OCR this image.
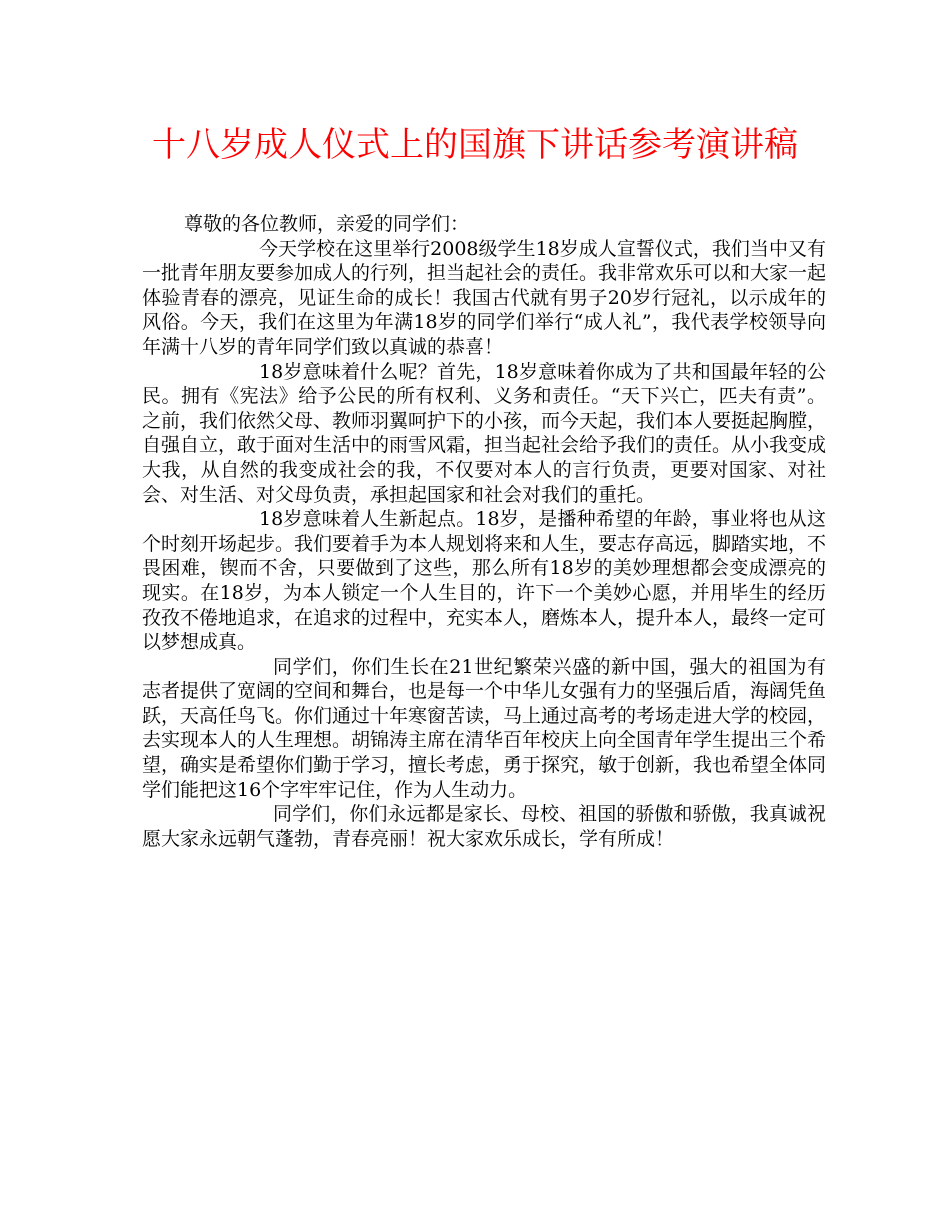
十八岁成人仪式上的国旗下讲话参考演讲稿

尊敬的各位教师，亲爱的同学们：

今天学校在这里举行2008级学生18岁成人宣誓仪式，我们当中又有一批青年朋友要参加成人的行列，担当起社会的责任。我非常欢乐可以和大家一起体验青春的漂亮，见证生命的成长！我国古代就有男子20岁行冠礼，以示成年的风俗。今天，我们在这里为年满18岁的同学们举行“成人礼”，我代表学校领导向年满十八岁的青年同学们致以真诚的恭喜！

18岁意味着什么呢？首先，18岁意味着你成为了共和国最年轻的公民。拥有《宪法》给予公民的所有权利、义务和责任。“天下兴亡，匹夫有责”。之前，我们依然父母、教师羽翼呵护下的小孩，而今天起，我们本人要挺起胸膛，自强自立，敢于面对生活中的雨雪风霜，担当起社会给予我们的责任。从小我变成大我，从自然的我变成社会的我，不仅要对本人的言行负责，更要对国家、对社会、对生活、对父母负责，承担起国家和社会对我们的重托。

18岁意味着人生新起点。18岁，是播种希望的年龄，事业将也从这个时刻开场起步。我们要着手为本人规划将来和人生，要志存高远，脚踏实地，不畏困难，锲而不舍，只要做到了这些，那么所有18岁的美妙理想都会变成漂亮的现实。在18岁，为本人锁定一个人生目的，许下一个美妙心愿，并用毕生的经历孜孜不倦地追求，在追求的过程中，充实本人，磨炼本人，提升本人，最终一定可以梦想成真。

同学们，你们生长在21世纪繁荣兴盛的新中国，强大的祖国为有志者提供了宽阔的空间和舞台，也是每一个中华儿女强有力的坚强后盾，海阔凭鱼跃，天高任鸟飞。你们通过十年寒窗苦读，马上通过高考的考场走进大学的校园，去实现本人的人生理想。胡锦涛主席在清华百年校庆上向全国青年学生提出三个希望，确实是希望你们勤于学习，擅长考虑，勇于探究，敏于创新，我也希望全体同学们能把这16个字牢牢记住，作为人生动力。

同学们，你们永远都是家长、母校、祖国的骄傲和骄傲，我真诚祝愿大家永远朝气蓬勃，青春亮丽！祝大家欢乐成长，学有所成！
